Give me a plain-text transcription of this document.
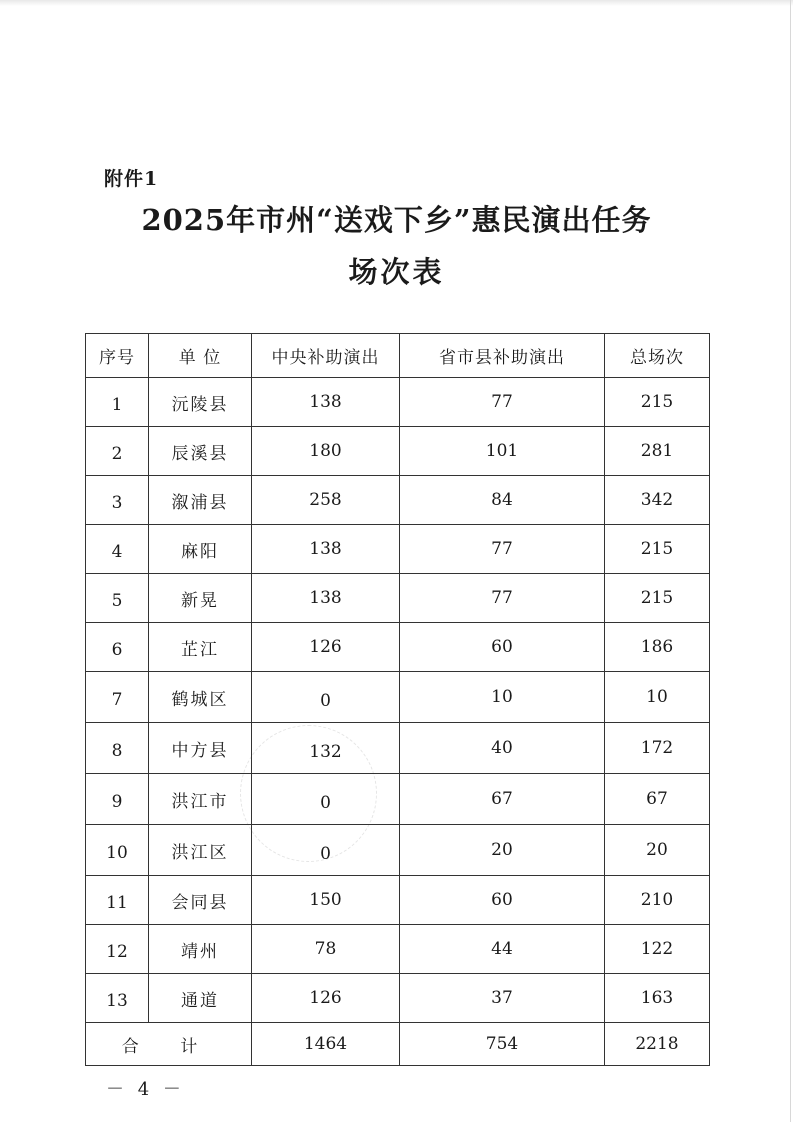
附件1
2025年市州“送戏下乡”惠民演出任务
场次表
序号	单 位	中央补助演出	省市县补助演出	总场次
1	沅陵县	138	77	215
2	辰溪县	180	101	281
3	溆浦县	258	84	342
4	麻阳	138	77	215
5	新晃	138	77	215
6	芷江	126	60	186
7	鹤城区	0	10	10
8	中方县	132	40	172
9	洪江市	0	67	67
10	洪江区	0	20	20
11	会同县	150	60	210
12	靖州	78	44	122
13	通道	126	37	163
合 计		1464	754	2218
－ 4 －
